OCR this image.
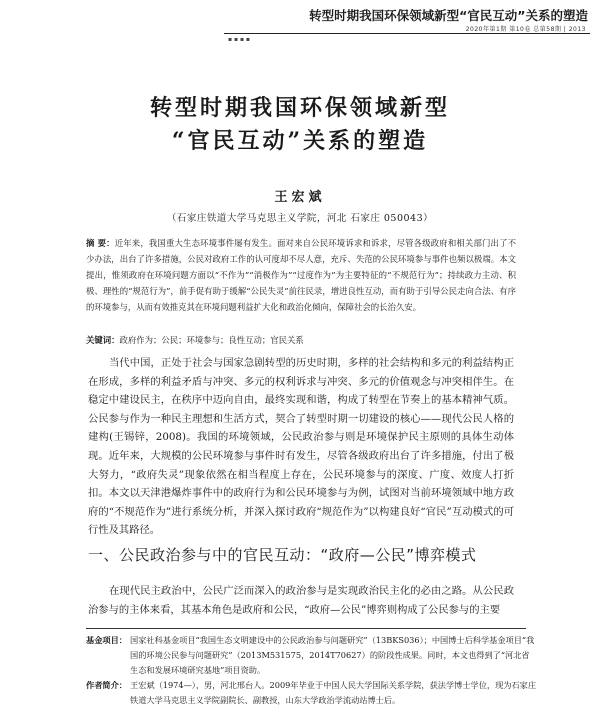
转型时期我国环保领域新型“官民互动”关系的塑造
2020年第1期 第10卷 总第58期 | 2013
▪ ▪ ▪ ▪
转型时期我国环保领域新型
“官民互动”关系的塑造
王宏斌
（石家庄铁道大学马克思主义学院，河北 石家庄 050043）
摘 要：近年来，我国重大生态环境事件屡有发生。面对来自公民环境诉求和诉求，尽管各级政府和相关部门出了不少办法，出台了许多措施，公民对政府工作的认可度却不尽人意，充斥、失范的公民环境参与事件也频以极端。本文提出，惟须政府在环境问题方面以“不作为”“消极作为”“过度作为”为主要特征的“不规范行为”；持续政力主动、积极、理性的“规范行为”，前手促有助于缓解“公民失灵”前往民录，增进良性互动，而有助于引导公民走向合法、有序的环境参与，从而有效推克其在环境问题利益扩大化和政治化倾向，保障社会的长治久安。
关键词：政府作为；公民；环境参与；良性互动；官民关系

当代中国，正处于社会与国家急剧转型的历史时期，多样的社会结构和多元的利益结构正在形成，多样的利益矛盾与冲突、多元的权利诉求与冲突、多元的价值观念与冲突相伴生。在稳定中建设民主，在秩序中迈向自由，最终实现和谐，构成了转型在节奏上的基本精神气质。公民参与作为一种民主理想和生活方式，契合了转型时期一切建设的核心——现代公民人格的建构(王锡锌，2008)。我国的环境领域，公民政治参与则是环境保护民主原则的具体生动体现。近年来，大规模的公民环境参与事件时有发生，尽管各级政府出台了许多措施，付出了极大努力，“政府失灵”现象依然在相当程度上存在，公民环境参与的深度、广度、效度人打折扣。本文以天津港爆炸事件中的政府行为和公民环境参与为例，试图对当前环境领域中地方政府的“不规范作为”进行系统分析，并深入探讨政府“规范作为”以构建良好“官民”互动模式的可行性及其路径。

一、公民政治参与中的官民互动：“政府—公民”博弈模式

在现代民主政治中，公民广泛而深入的政治参与是实现政治民主化的必由之路。从公民政治参与的主体来看，其基本角色是政府和公民，“政府—公民”博弈则构成了公民参与的主要

基金项目： 国家社科基金项目“我国生态文明建设中的公民政治参与问题研究”（13BKS036）；中国博士后科学基金项目“我国的环境公民参与问题研究”（2013M531575，2014T70627）的阶段性成果。同时，本文也得到了“河北省生态和发展环境研究基地”项目资助。
作者简介： 王宏斌（1974—），男，河北邢台人。2009年毕业于中国人民大学国际关系学院，获法学博士学位，现为石家庄铁道大学马克思主义学院副院长、副教授，山东大学政治学流动站博士后。
